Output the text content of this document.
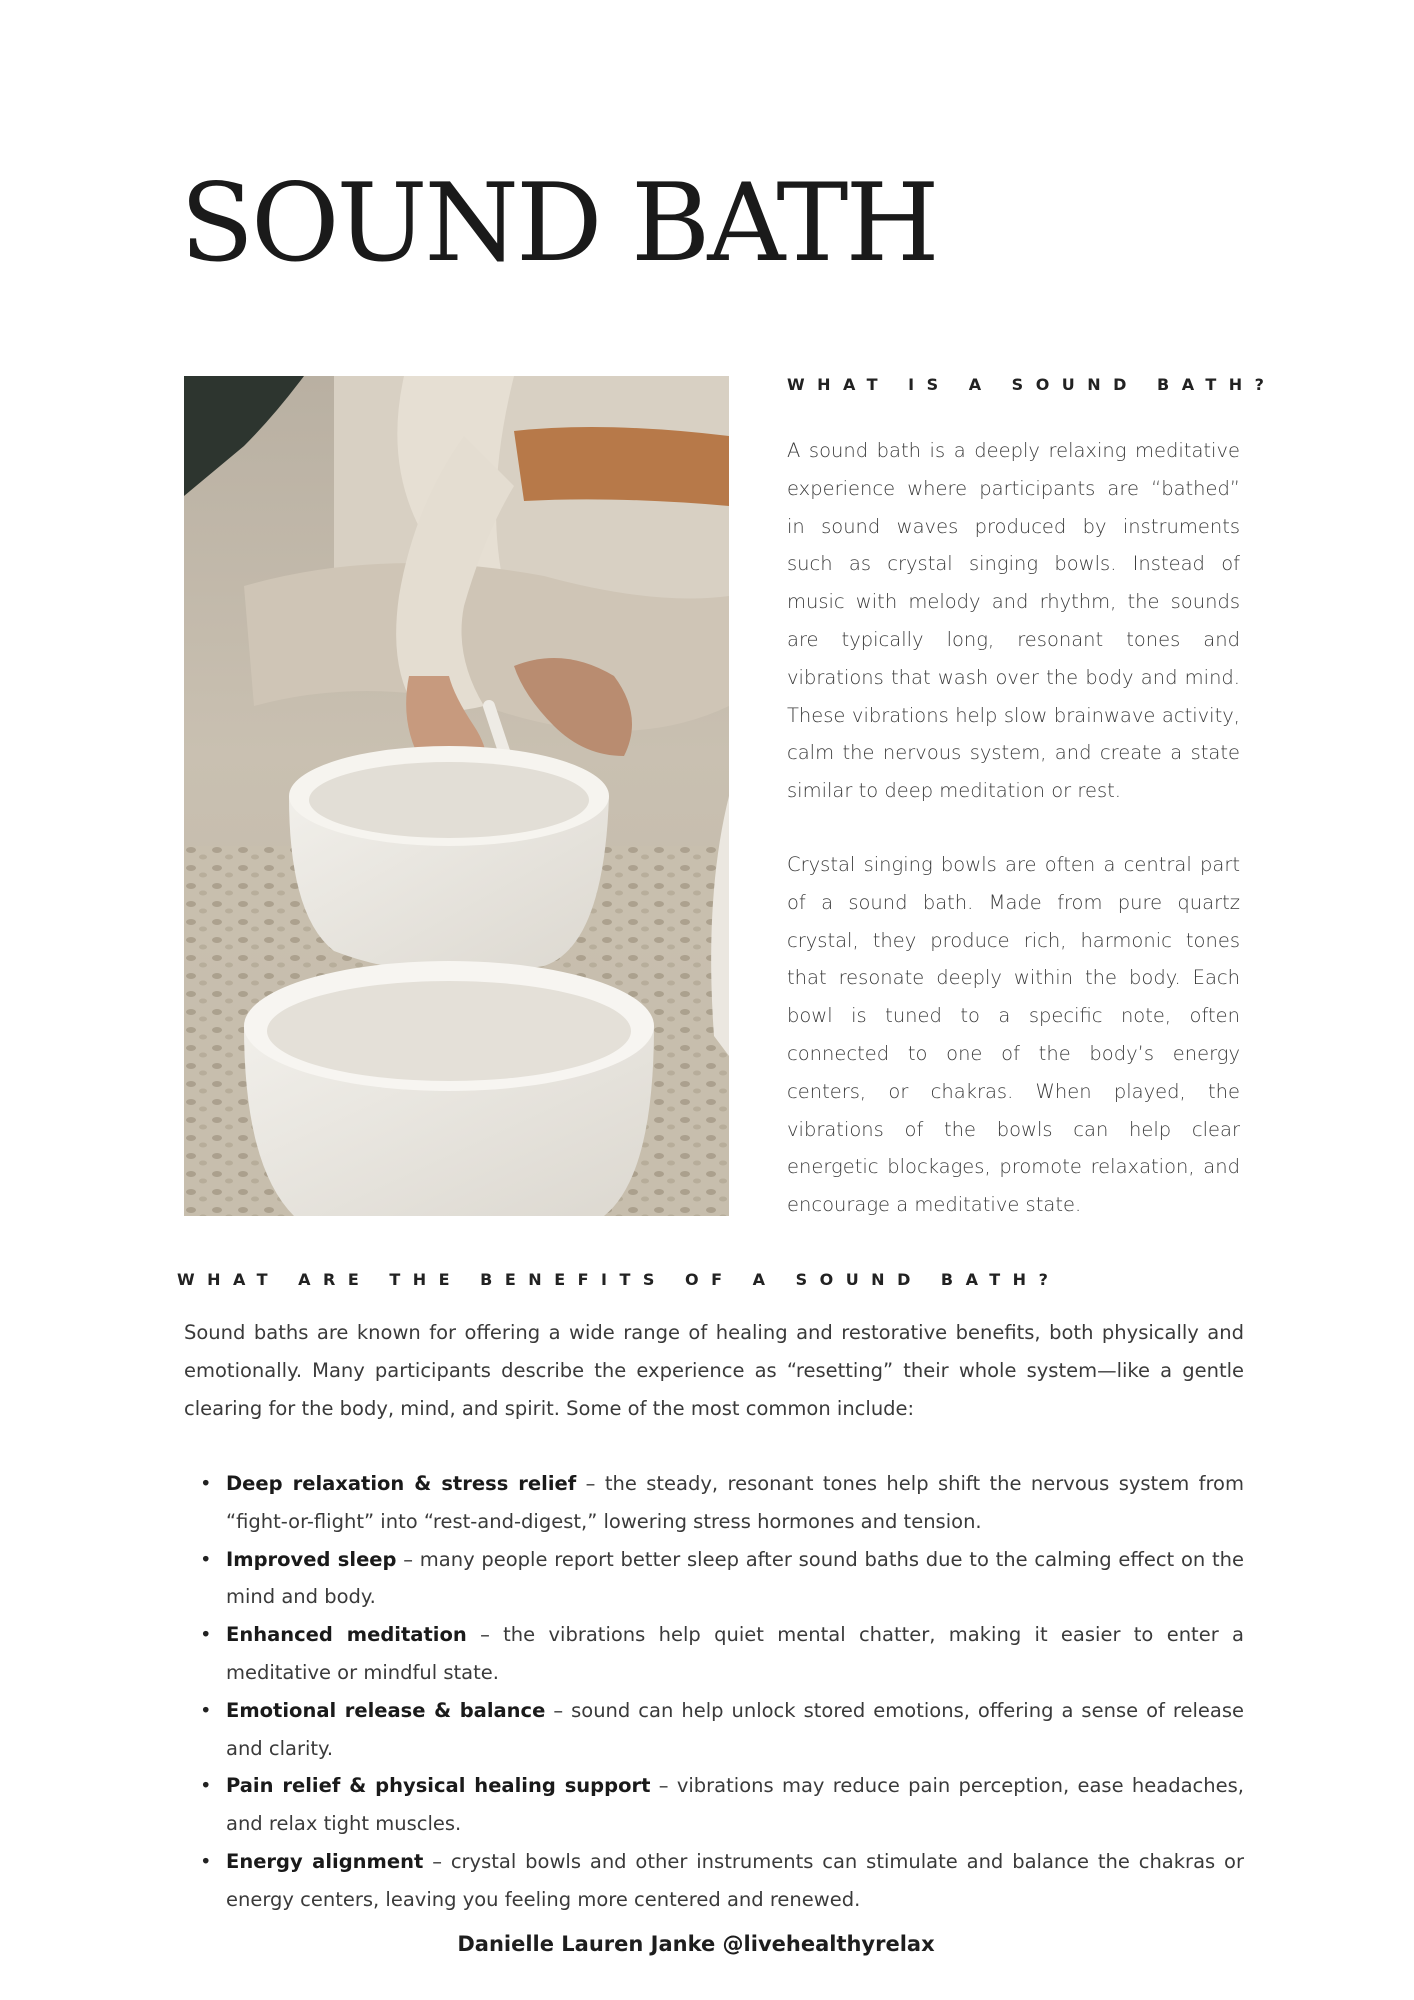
SOUND BATH
WHAT IS A SOUND BATH?

A sound bath is a deeply relaxing meditative experience where participants are “bathed” in sound waves produced by instruments such as crystal singing bowls. Instead of music with melody and rhythm, the sounds are typically long, resonant tones and vibrations that wash over the body and mind. These vibrations help slow brainwave activity, calm the nervous system, and create a state similar to deep meditation or rest.

Crystal singing bowls are often a central part of a sound bath. Made from pure quartz crystal, they produce rich, harmonic tones that resonate deeply within the body. Each bowl is tuned to a specific note, often connected to one of the body’s energy centers, or chakras. When played, the vibrations of the bowls can help clear energetic blockages, promote relaxation, and encourage a meditative state.

WHAT ARE THE BENEFITS OF A SOUND BATH?

Sound baths are known for offering a wide range of healing and restorative benefits, both physically and emotionally. Many participants describe the experience as “resetting” their whole system—like a gentle clearing for the body, mind, and spirit. Some of the most common include:

• Deep relaxation & stress relief – the steady, resonant tones help shift the nervous system from “fight-or-flight” into “rest-and-digest,” lowering stress hormones and tension.
• Improved sleep – many people report better sleep after sound baths due to the calming effect on the mind and body.
• Enhanced meditation – the vibrations help quiet mental chatter, making it easier to enter a meditative or mindful state.
• Emotional release & balance – sound can help unlock stored emotions, offering a sense of release and clarity.
• Pain relief & physical healing support – vibrations may reduce pain perception, ease headaches, and relax tight muscles.
• Energy alignment – crystal bowls and other instruments can stimulate and balance the chakras or energy centers, leaving you feeling more centered and renewed.
Danielle Lauren Janke @livehealthyrelax
